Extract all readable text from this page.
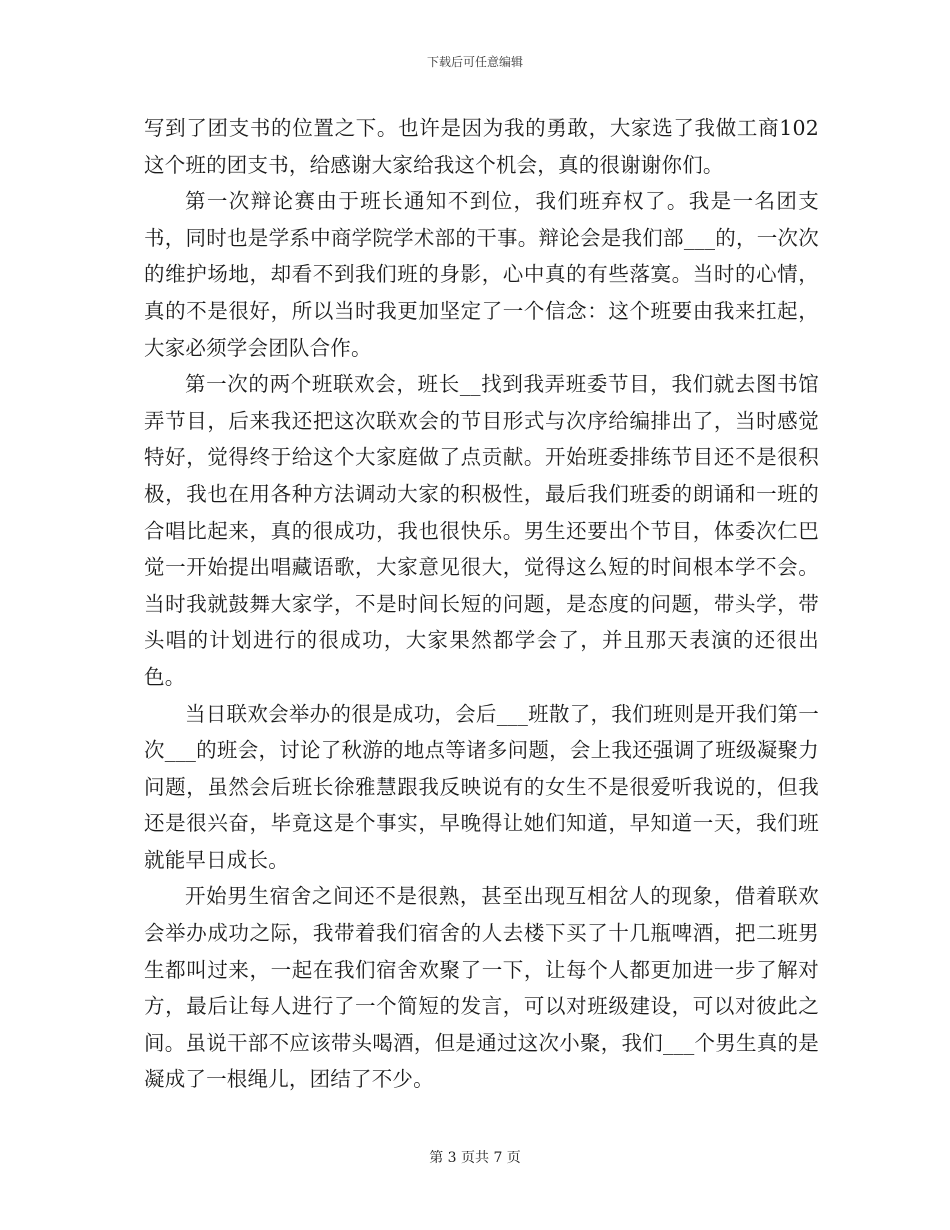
下载后可任意编辑

写到了团支书的位置之下。也许是因为我的勇敢，大家选了我做工商102这个班的团支书，给感谢大家给我这个机会，真的很谢谢你们。

第一次辩论赛由于班长通知不到位，我们班弃权了。我是一名团支书，同时也是学系中商学院学术部的干事。辩论会是我们部___的，一次次的维护场地，却看不到我们班的身影，心中真的有些落寞。当时的心情，真的不是很好，所以当时我更加坚定了一个信念：这个班要由我来扛起，大家必须学会团队合作。

第一次的两个班联欢会，班长__找到我弄班委节目，我们就去图书馆弄节目，后来我还把这次联欢会的节目形式与次序给编排出了，当时感觉特好，觉得终于给这个大家庭做了点贡献。开始班委排练节目还不是很积极，我也在用各种方法调动大家的积极性，最后我们班委的朗诵和一班的合唱比起来，真的很成功，我也很快乐。男生还要出个节目，体委次仁巴觉一开始提出唱藏语歌，大家意见很大，觉得这么短的时间根本学不会。当时我就鼓舞大家学，不是时间长短的问题，是态度的问题，带头学，带头唱的计划进行的很成功，大家果然都学会了，并且那天表演的还很出色。

当日联欢会举办的很是成功，会后___班散了，我们班则是开我们第一次___的班会，讨论了秋游的地点等诸多问题，会上我还强调了班级凝聚力问题，虽然会后班长徐雅慧跟我反映说有的女生不是很爱听我说的，但我还是很兴奋，毕竟这是个事实，早晚得让她们知道，早知道一天，我们班就能早日成长。

开始男生宿舍之间还不是很熟，甚至出现互相岔人的现象，借着联欢会举办成功之际，我带着我们宿舍的人去楼下买了十几瓶啤酒，把二班男生都叫过来，一起在我们宿舍欢聚了一下，让每个人都更加进一步了解对方，最后让每人进行了一个简短的发言，可以对班级建设，可以对彼此之间。虽说干部不应该带头喝酒，但是通过这次小聚，我们___个男生真的是凝成了一根绳儿，团结了不少。

第 3 页共 7 页
